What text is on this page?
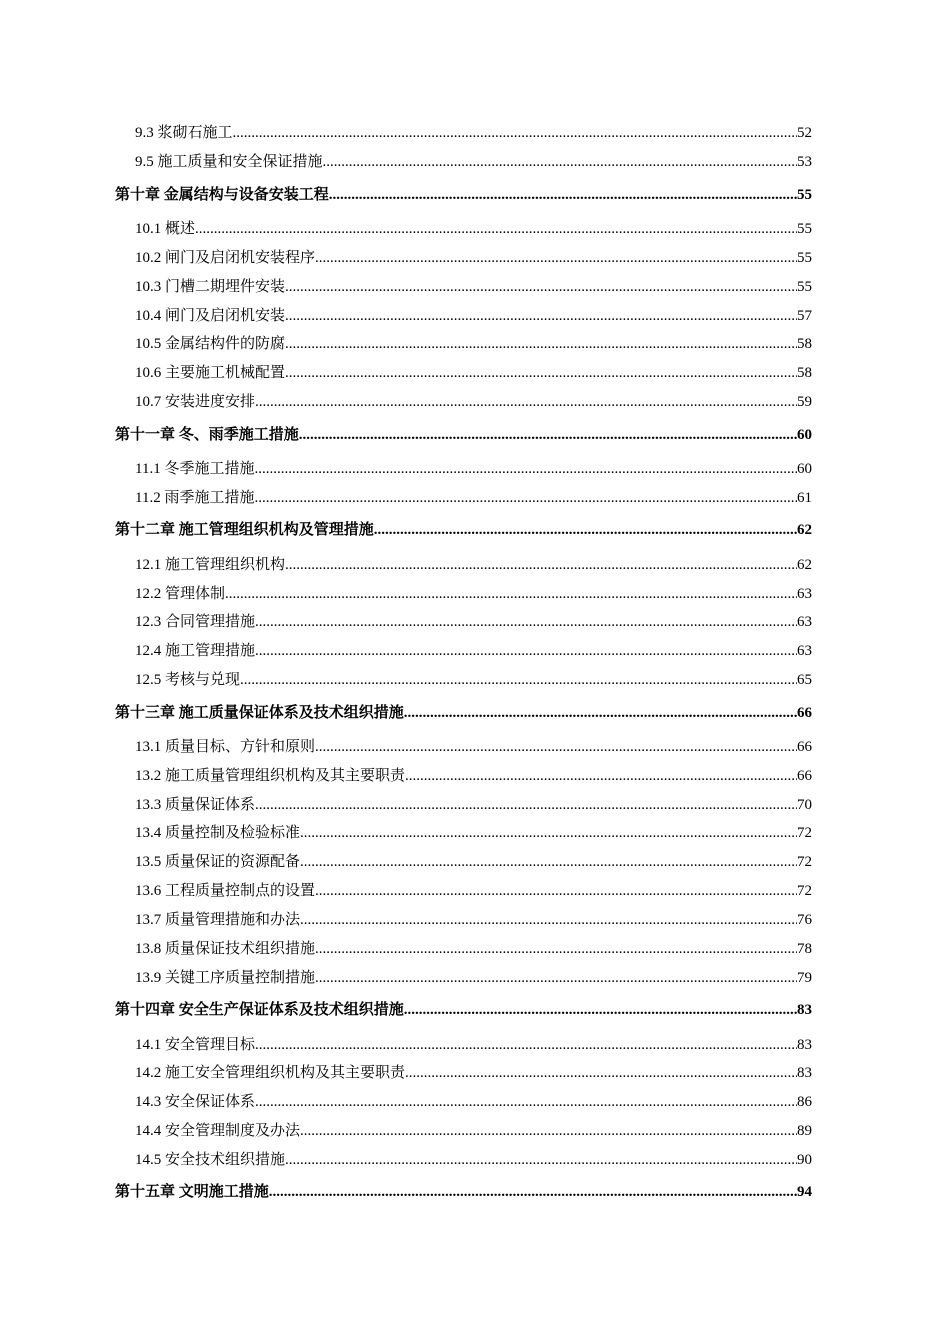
9.3 浆砌石施工 .....	52
9.5 施工质量和安全保证措施 .....	53
第十章 金属结构与设备安装工程 .....	55
10.1 概述 .....	55
10.2 闸门及启闭机安装程序 .....	55
10.3 门槽二期埋件安装 .....	55
10.4 闸门及启闭机安装 .....	57
10.5 金属结构件的防腐 .....	58
10.6 主要施工机械配置 .....	58
10.7 安装进度安排 .....	59
第十一章 冬、雨季施工措施 .....	60
11.1 冬季施工措施 .....	60
11.2 雨季施工措施 .....	61
第十二章 施工管理组织机构及管理措施 .....	62
12.1 施工管理组织机构 .....	62
12.2 管理体制 .....	63
12.3 合同管理措施 .....	63
12.4 施工管理措施 .....	63
12.5 考核与兑现 .....	65
第十三章 施工质量保证体系及技术组织措施 .....	66
13.1 质量目标、方针和原则 .....	66
13.2 施工质量管理组织机构及其主要职责 .....	66
13.3 质量保证体系 .....	70
13.4 质量控制及检验标准 .....	72
13.5 质量保证的资源配备 .....	72
13.6 工程质量控制点的设置 .....	72
13.7 质量管理措施和办法 .....	76
13.8 质量保证技术组织措施 .....	78
13.9 关键工序质量控制措施 .....	79
第十四章 安全生产保证体系及技术组织措施 .....	83
14.1 安全管理目标 .....	83
14.2 施工安全管理组织机构及其主要职责 .....	83
14.3 安全保证体系 .....	86
14.4 安全管理制度及办法 .....	89
14.5 安全技术组织措施 .....	90
第十五章 文明施工措施 .....	94
